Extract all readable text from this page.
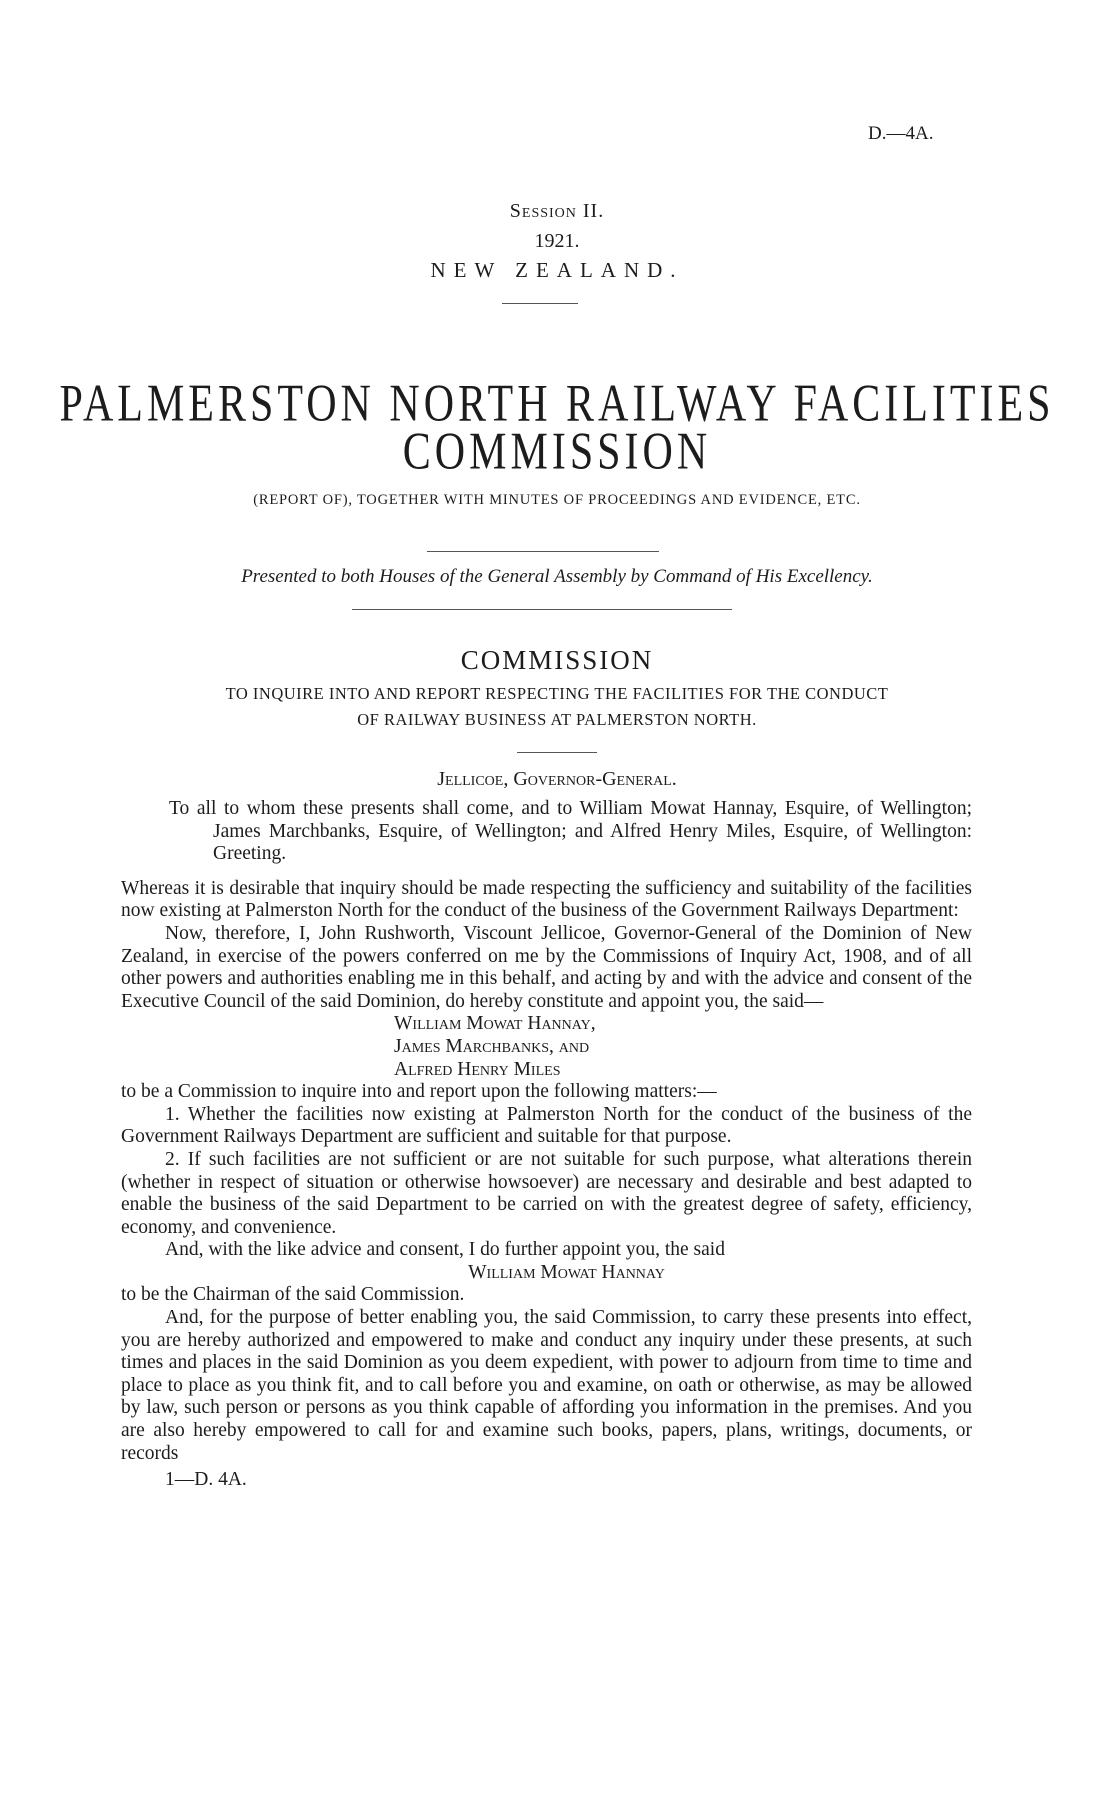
D.—4A.

Session II.

1921.

NEW ZEALAND.

PALMERSTON NORTH RAILWAY FACILITIES

COMMISSION

(REPORT OF), TOGETHER WITH MINUTES OF PROCEEDINGS AND EVIDENCE, ETC.

Presented to both Houses of the General Assembly by Command of His Excellency.

COMMISSION

TO INQUIRE INTO AND REPORT RESPECTING THE FACILITIES FOR THE CONDUCT

OF RAILWAY BUSINESS AT PALMERSTON NORTH.

Jellicoe, Governor-General.

To all to whom these presents shall come, and to William Mowat Hannay, Esquire, of Wellington; James Marchbanks, Esquire, of Wellington; and Alfred Henry Miles, Esquire, of Wellington: Greeting.

Whereas it is desirable that inquiry should be made respecting the sufficiency and suitability of the facilities now existing at Palmerston North for the conduct of the business of the Government Railways Department:

Now, therefore, I, John Rushworth, Viscount Jellicoe, Governor-General of the Dominion of New Zealand, in exercise of the powers conferred on me by the Commissions of Inquiry Act, 1908, and of all other powers and authorities enabling me in this behalf, and acting by and with the advice and consent of the Executive Council of the said Dominion, do hereby constitute and appoint you, the said—

William Mowat Hannay,

James Marchbanks, and

Alfred Henry Miles

to be a Commission to inquire into and report upon the following matters:—

1. Whether the facilities now existing at Palmerston North for the conduct of the business of the Government Railways Department are sufficient and suitable for that purpose.

2. If such facilities are not sufficient or are not suitable for such purpose, what alterations therein (whether in respect of situation or otherwise howsoever) are necessary and desirable and best adapted to enable the business of the said Department to be carried on with the greatest degree of safety, efficiency, economy, and convenience.

And, with the like advice and consent, I do further appoint you, the said

William Mowat Hannay

to be the Chairman of the said Commission.

And, for the purpose of better enabling you, the said Commission, to carry these presents into effect, you are hereby authorized and empowered to make and conduct any inquiry under these presents, at such times and places in the said Dominion as you deem expedient, with power to adjourn from time to time and place to place as you think fit, and to call before you and examine, on oath or otherwise, as may be allowed by law, such person or persons as you think capable of affording you information in the premises. And you are also hereby empowered to call for and examine such books, papers, plans, writings, documents, or records

1—D. 4A.
